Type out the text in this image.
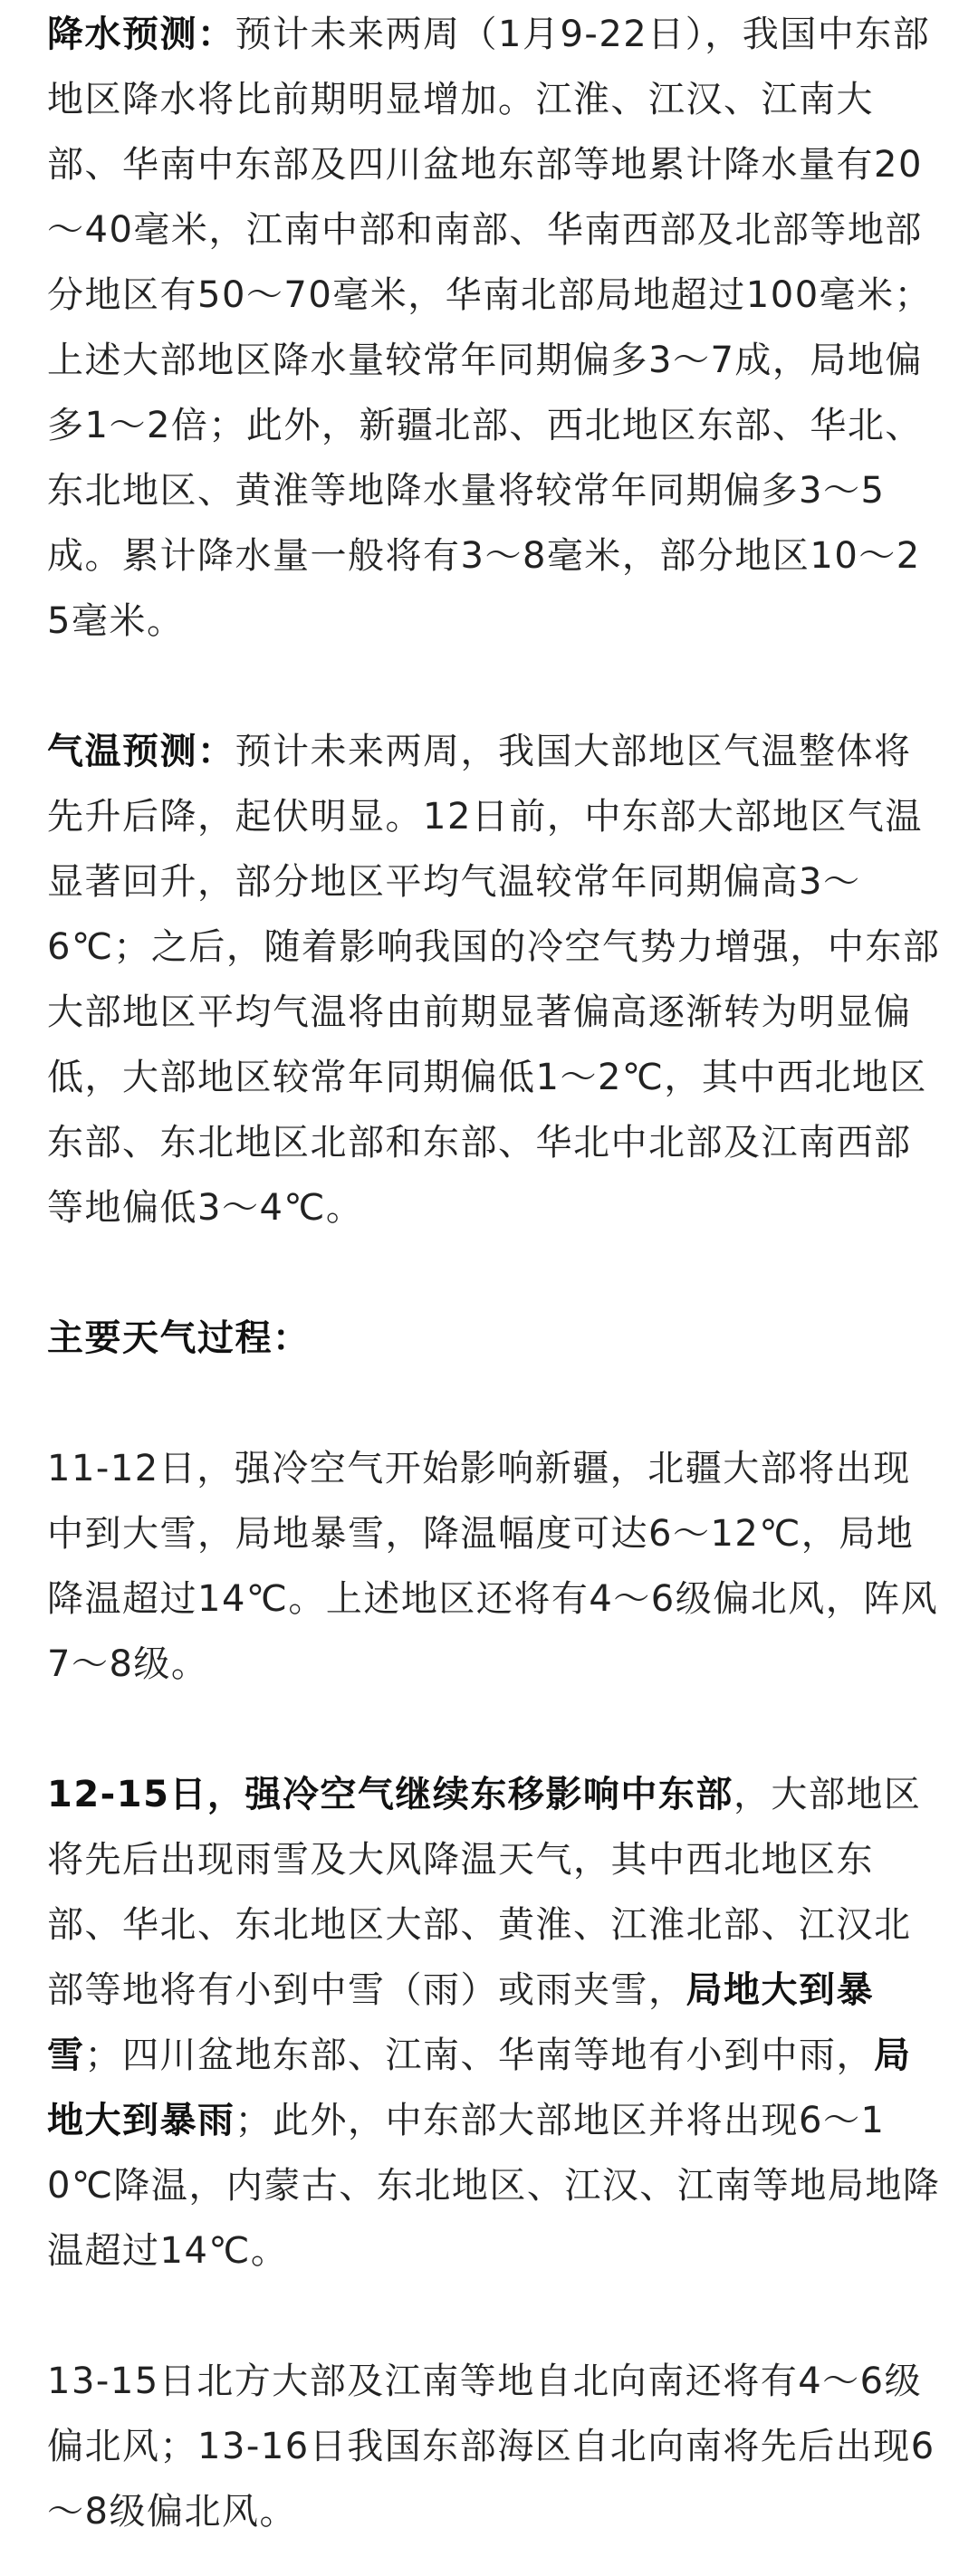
降水预测：预计未来两周（1月9-22日），我国中东部地区降水将比前期明显增加。江淮、江汉、江南大部、华南中东部及四川盆地东部等地累计降水量有20～40毫米，江南中部和南部、华南西部及北部等地部分地区有50～70毫米，华南北部局地超过100毫米；上述大部地区降水量较常年同期偏多3～7成，局地偏多1～2倍；此外，新疆北部、西北地区东部、华北、东北地区、黄淮等地降水量将较常年同期偏多3～5成。累计降水量一般将有3～8毫米，部分地区10～25毫米。

气温预测：预计未来两周，我国大部地区气温整体将先升后降，起伏明显。12日前，中东部大部地区气温显著回升，部分地区平均气温较常年同期偏高3～6℃；之后，随着影响我国的冷空气势力增强，中东部大部地区平均气温将由前期显著偏高逐渐转为明显偏低，大部地区较常年同期偏低1～2℃，其中西北地区东部、东北地区北部和东部、华北中北部及江南西部等地偏低3～4℃。

主要天气过程：

11-12日，强冷空气开始影响新疆，北疆大部将出现中到大雪，局地暴雪，降温幅度可达6～12℃，局地降温超过14℃。上述地区还将有4～6级偏北风，阵风7～8级。

12-15日，强冷空气继续东移影响中东部，大部地区将先后出现雨雪及大风降温天气，其中西北地区东部、华北、东北地区大部、黄淮、江淮北部、江汉北部等地将有小到中雪（雨）或雨夹雪，局地大到暴雪；四川盆地东部、江南、华南等地有小到中雨，局地大到暴雨；此外，中东部大部地区并将出现6～10℃降温，内蒙古、东北地区、江汉、江南等地局地降温超过14℃。

13-15日北方大部及江南等地自北向南还将有4～6级偏北风；13-16日我国东部海区自北向南将先后出现6～8级偏北风。
